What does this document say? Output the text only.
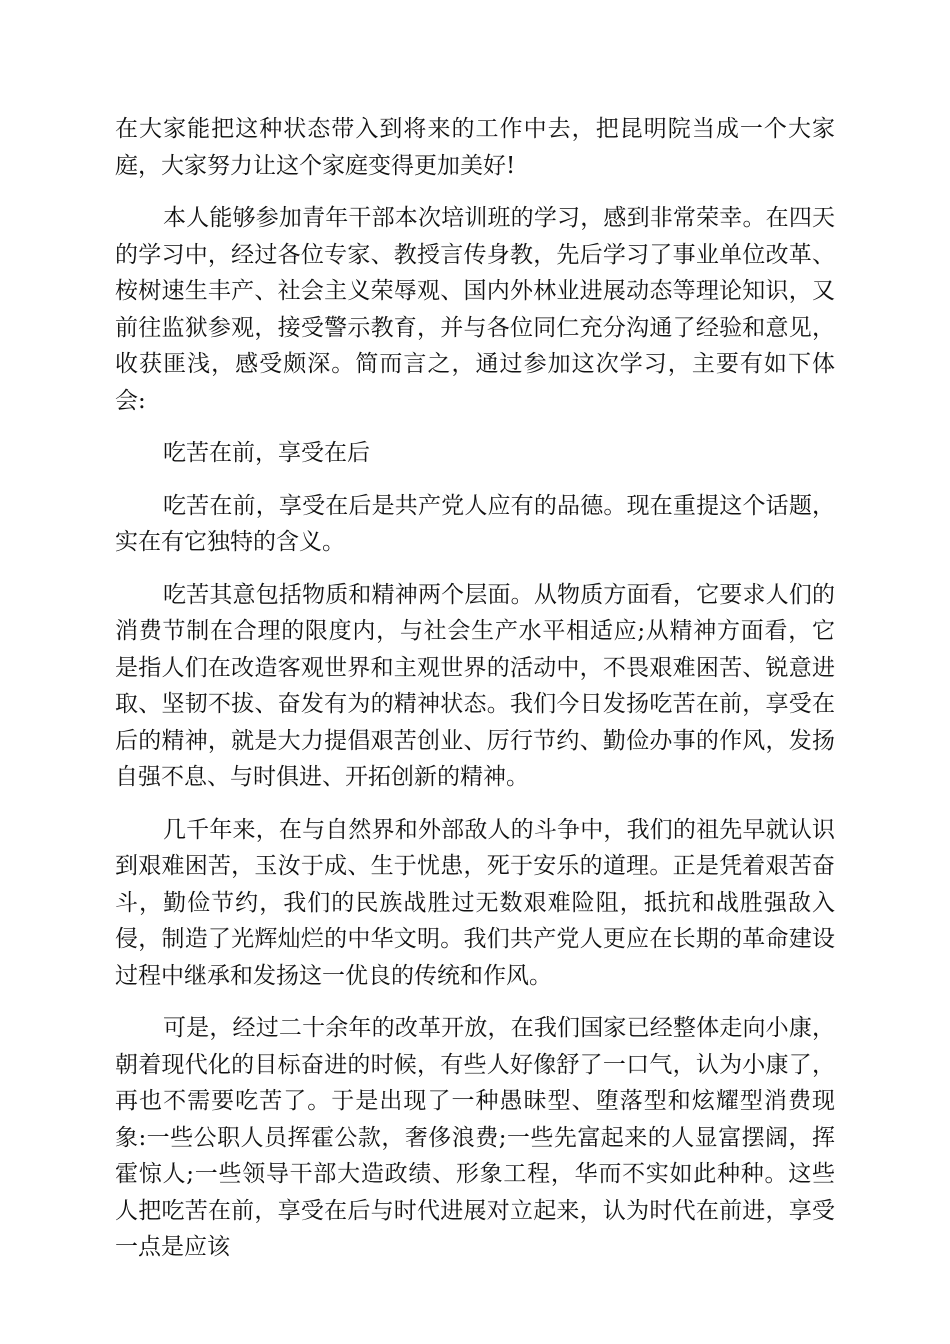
在大家能把这种状态带入到将来的工作中去，把昆明院当成一个大家庭，大家努力让这个家庭变得更加美好!

本人能够参加青年干部本次培训班的学习，感到非常荣幸。在四天的学习中，经过各位专家、教授言传身教，先后学习了事业单位改革、桉树速生丰产、社会主义荣辱观、国内外林业进展动态等理论知识，又前往监狱参观，接受警示教育，并与各位同仁充分沟通了经验和意见，收获匪浅，感受颇深。简而言之，通过参加这次学习，主要有如下体会:

吃苦在前，享受在后

吃苦在前，享受在后是共产党人应有的品德。现在重提这个话题，实在有它独特的含义。

吃苦其意包括物质和精神两个层面。从物质方面看，它要求人们的消费节制在合理的限度内，与社会生产水平相适应;从精神方面看，它是指人们在改造客观世界和主观世界的活动中，不畏艰难困苦、锐意进取、坚韧不拔、奋发有为的精神状态。我们今日发扬吃苦在前，享受在后的精神，就是大力提倡艰苦创业、厉行节约、勤俭办事的作风，发扬自强不息、与时俱进、开拓创新的精神。

几千年来，在与自然界和外部敌人的斗争中，我们的祖先早就认识到艰难困苦，玉汝于成、生于忧患，死于安乐的道理。正是凭着艰苦奋斗，勤俭节约，我们的民族战胜过无数艰难险阻，抵抗和战胜强敌入侵，制造了光辉灿烂的中华文明。我们共产党人更应在长期的革命建设过程中继承和发扬这一优良的传统和作风。

可是，经过二十余年的改革开放，在我们国家已经整体走向小康，朝着现代化的目标奋进的时候，有些人好像舒了一口气，认为小康了，再也不需要吃苦了。于是出现了一种愚昧型、堕落型和炫耀型消费现象:一些公职人员挥霍公款，奢侈浪费;一些先富起来的人显富摆阔，挥霍惊人;一些领导干部大造政绩、形象工程，华而不实如此种种。这些人把吃苦在前，享受在后与时代进展对立起来，认为时代在前进，享受一点是应该
